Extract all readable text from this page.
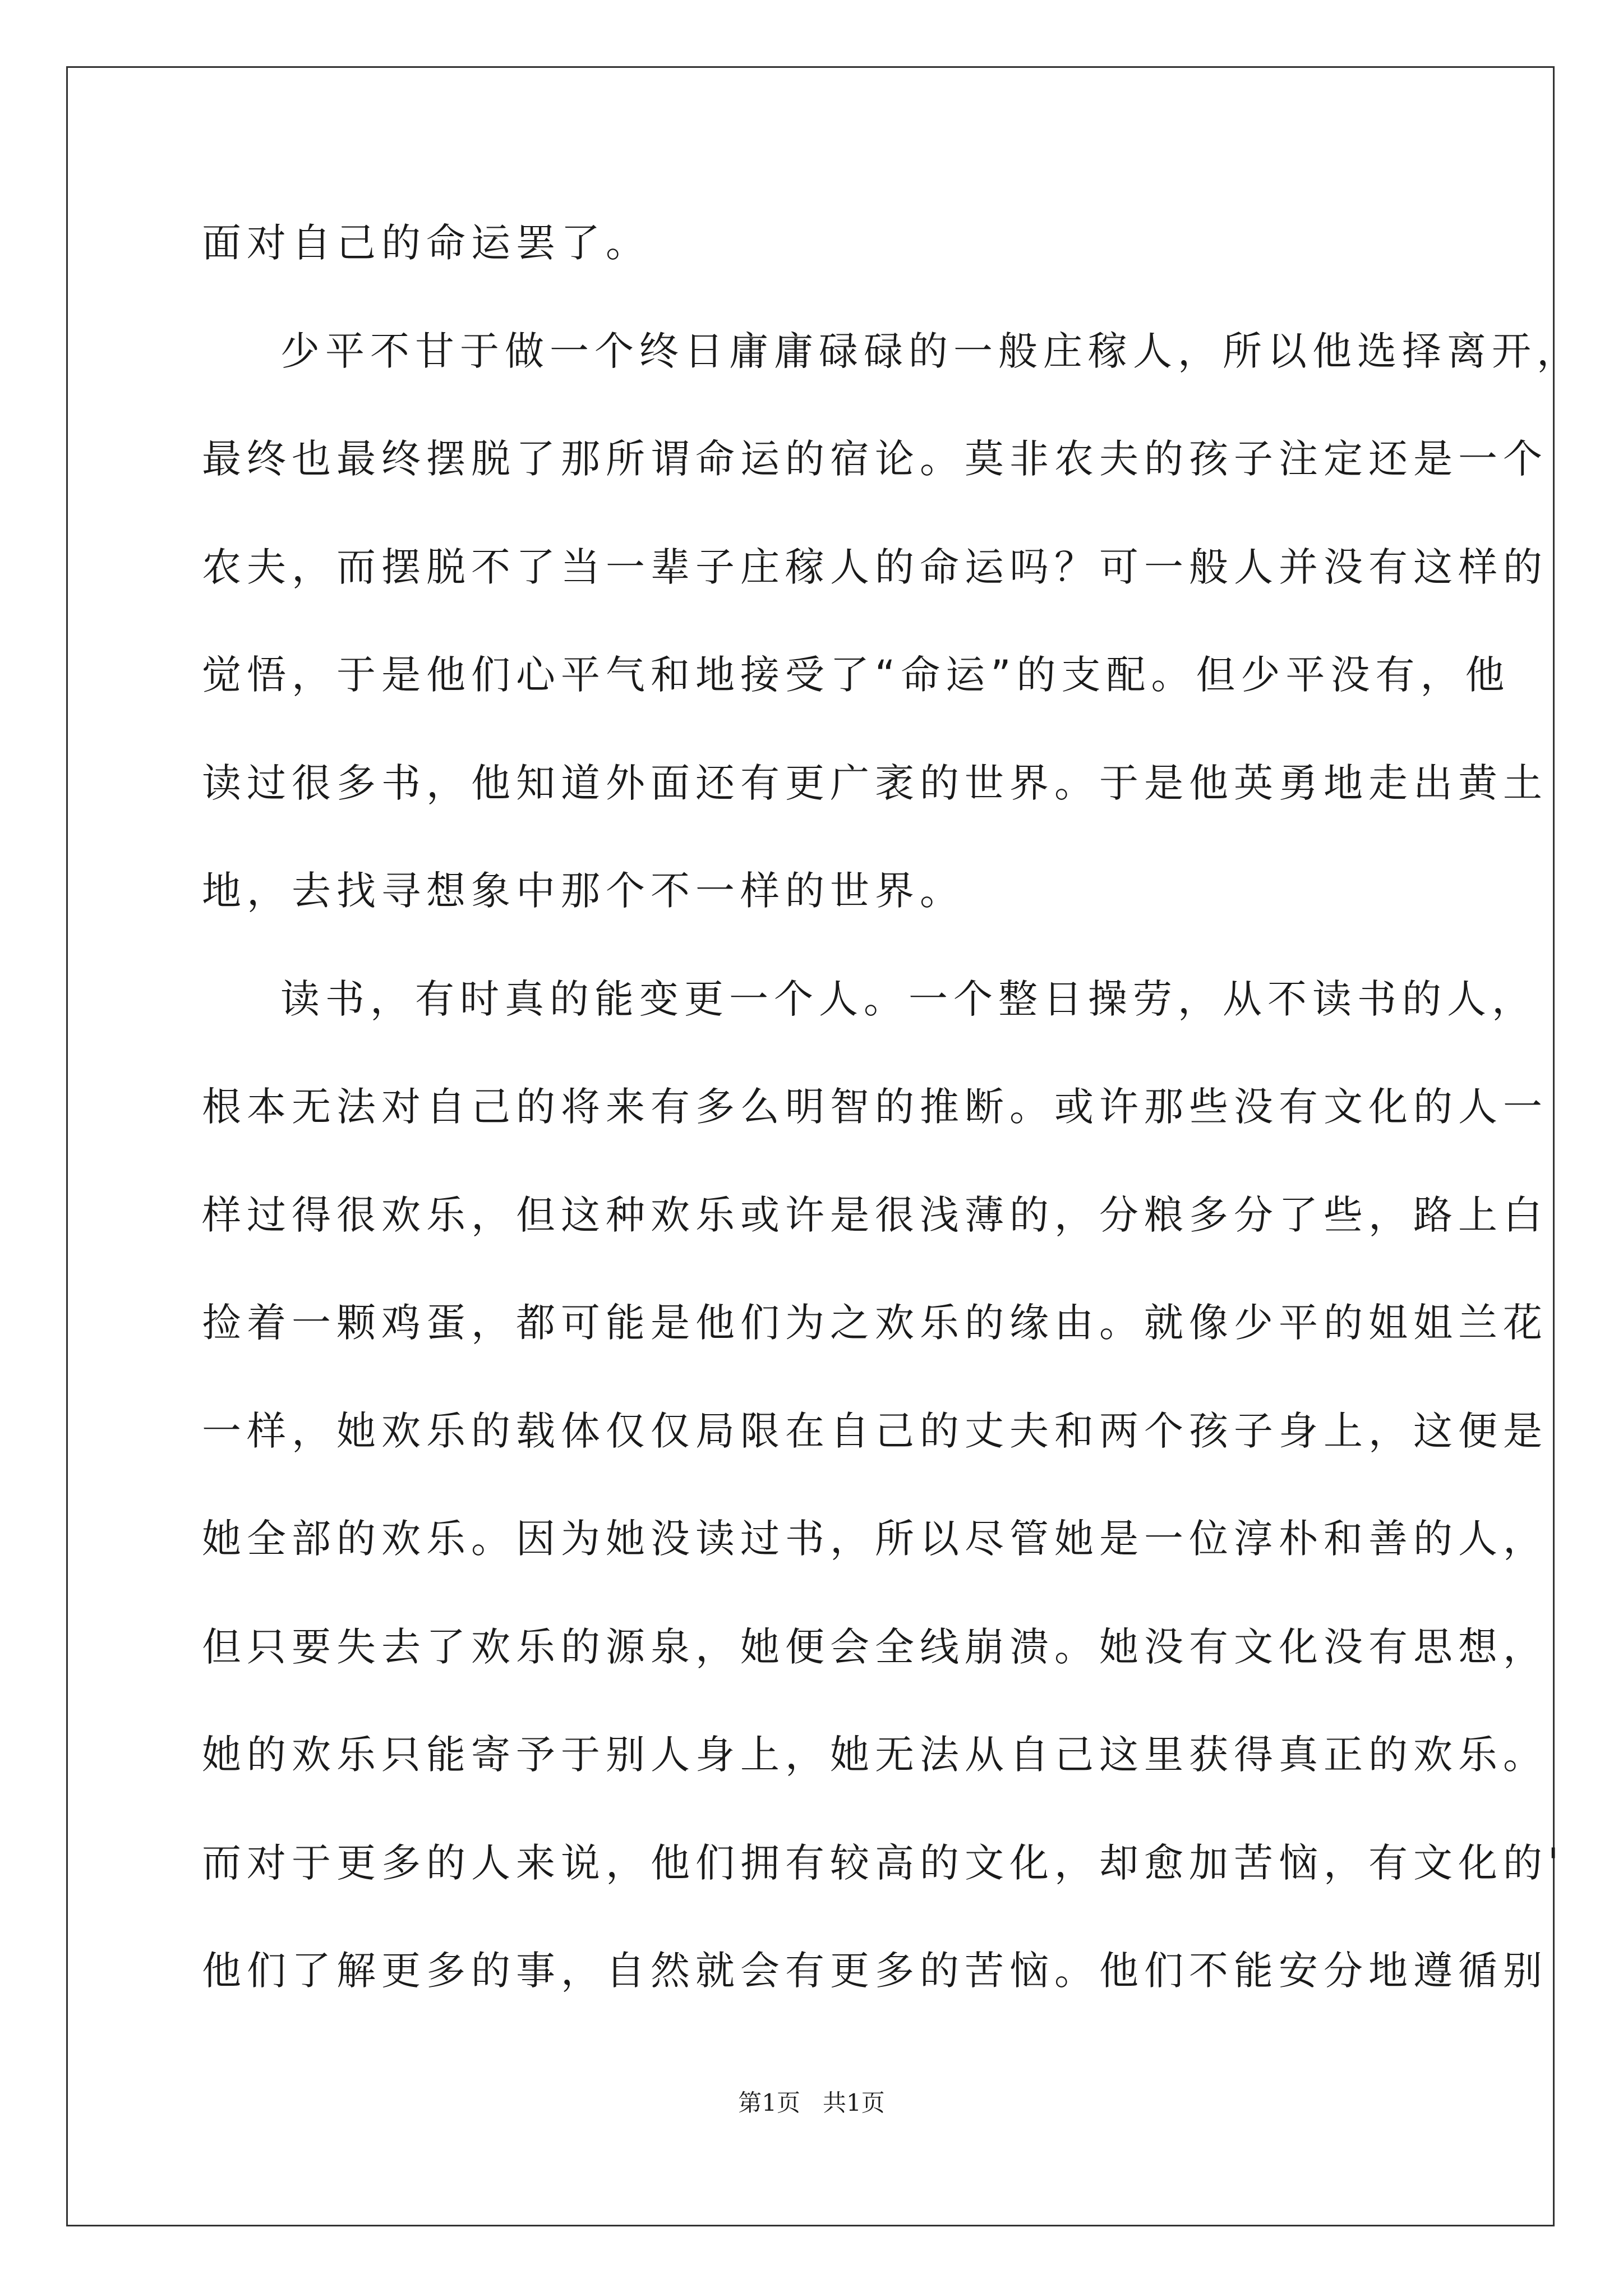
面对自己的命运罢了。

少平不甘于做一个终日庸庸碌碌的一般庄稼人，所以他选择离开，

最终也最终摆脱了那所谓命运的宿论。莫非农夫的孩子注定还是一个

农夫，而摆脱不了当一辈子庄稼人的命运吗？可一般人并没有这样的

觉悟，于是他们心平气和地接受了“命运”的支配。但少平没有，他

读过很多书，他知道外面还有更广袤的世界。于是他英勇地走出黄土

地，去找寻想象中那个不一样的世界。

读书，有时真的能变更一个人。一个整日操劳，从不读书的人，

根本无法对自己的将来有多么明智的推断。或许那些没有文化的人一

样过得很欢乐，但这种欢乐或许是很浅薄的，分粮多分了些，路上白

捡着一颗鸡蛋，都可能是他们为之欢乐的缘由。就像少平的姐姐兰花

一样，她欢乐的载体仅仅局限在自己的丈夫和两个孩子身上，这便是

她全部的欢乐。因为她没读过书，所以尽管她是一位淳朴和善的人，

但只要失去了欢乐的源泉，她便会全线崩溃。她没有文化没有思想，

她的欢乐只能寄予于别人身上，她无法从自己这里获得真正的欢乐。

而对于更多的人来说，他们拥有较高的文化，却愈加苦恼，有文化的'

他们了解更多的事，自然就会有更多的苦恼。他们不能安分地遵循别

第1页   共1页
